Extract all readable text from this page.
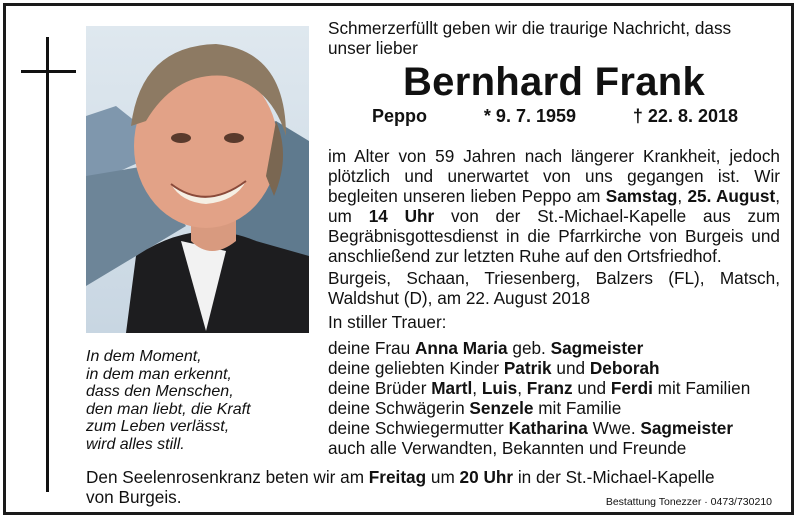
In dem Moment,
in dem man erkennt,
dass den Menschen,
den man liebt, die Kraft
zum Leben verlässt,
wird alles still.
Schmerzerfüllt geben wir die traurige Nachricht, dass
unser lieber
Bernhard Frank
Peppo	* 9. 7. 1959	† 22. 8. 2018
im Alter von 59 Jahren nach längerer Krankheit, jedoch plötzlich und unerwartet von uns gegangen ist. Wir begleiten unseren lieben Peppo am Samstag, 25. August, um 14 Uhr von der St.-Michael-Kapelle aus zum Begräbnisgottesdienst in die Pfarrkirche von Burgeis und anschließend zur letzten Ruhe auf den Ortsfriedhof.
Burgeis, Schaan, Triesenberg, Balzers (FL), Matsch, Waldshut (D), am 22. August 2018
In stiller Trauer:
deine Frau Anna Maria geb. Sagmeister
deine geliebten Kinder Patrik und Deborah
deine Brüder Martl, Luis, Franz und Ferdi mit Familien
deine Schwägerin Senzele mit Familie
deine Schwiegermutter Katharina Wwe. Sagmeister
auch alle Verwandten, Bekannten und Freunde
Den Seelenrosenkranz beten wir am Freitag um 20 Uhr in der St.-Michael-Kapelle
von Burgeis.	Bestattung Tonezzer · 0473/730210
